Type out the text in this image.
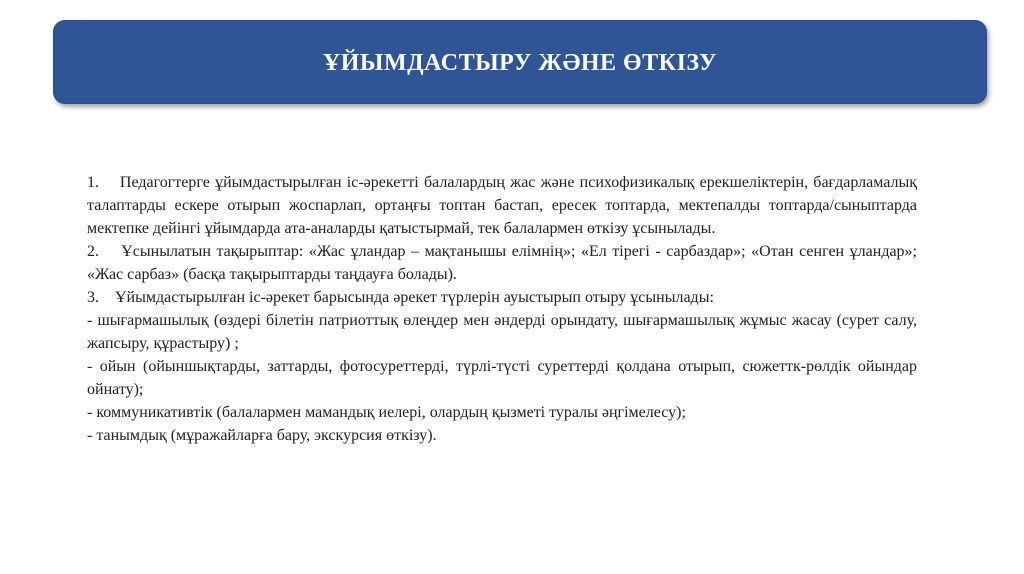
ҰЙЫМДАСТЫРУ ЖӘНЕ ӨТКІЗУ

1.    Педагогтерге ұйымдастырылған іс-әрекетті балалардың жас және психофизикалық ерекшеліктерін, бағдарламалық талаптарды ескере отырып жоспарлап, ортаңғы топтан бастап, ересек топтарда, мектепалды топтарда/сыныптарда мектепке дейінгі ұйымдарда ата-аналарды қатыстырмай, тек балалармен өткізу ұсынылады.

2.    Ұсынылатын тақырыптар: «Жас ұландар – мақтанышы елімнің»; «Ел тірегі - сарбаздар»; «Отан сенген ұландар»; «Жас сарбаз» (басқа тақырыптарды таңдауға болады).

3.    Ұйымдастырылған іс-әрекет барысында әрекет түрлерін ауыстырып отыру ұсынылады:

- шығармашылық (өздері білетін патриоттық өлеңдер мен әндерді орындату, шығармашылық жұмыс жасау (сурет салу, жапсыру, құрастыру) ;

- ойын (ойыншықтарды, заттарды, фотосуреттерді, түрлі-түсті суреттерді қолдана отырып, сюжеттк-рөлдік ойындар ойнату);

- коммуникативтік (балалармен мамандық иелері, олардың қызметі туралы әңгімелесу);

- танымдық (мұражайларға бару, экскурсия өткізу).
